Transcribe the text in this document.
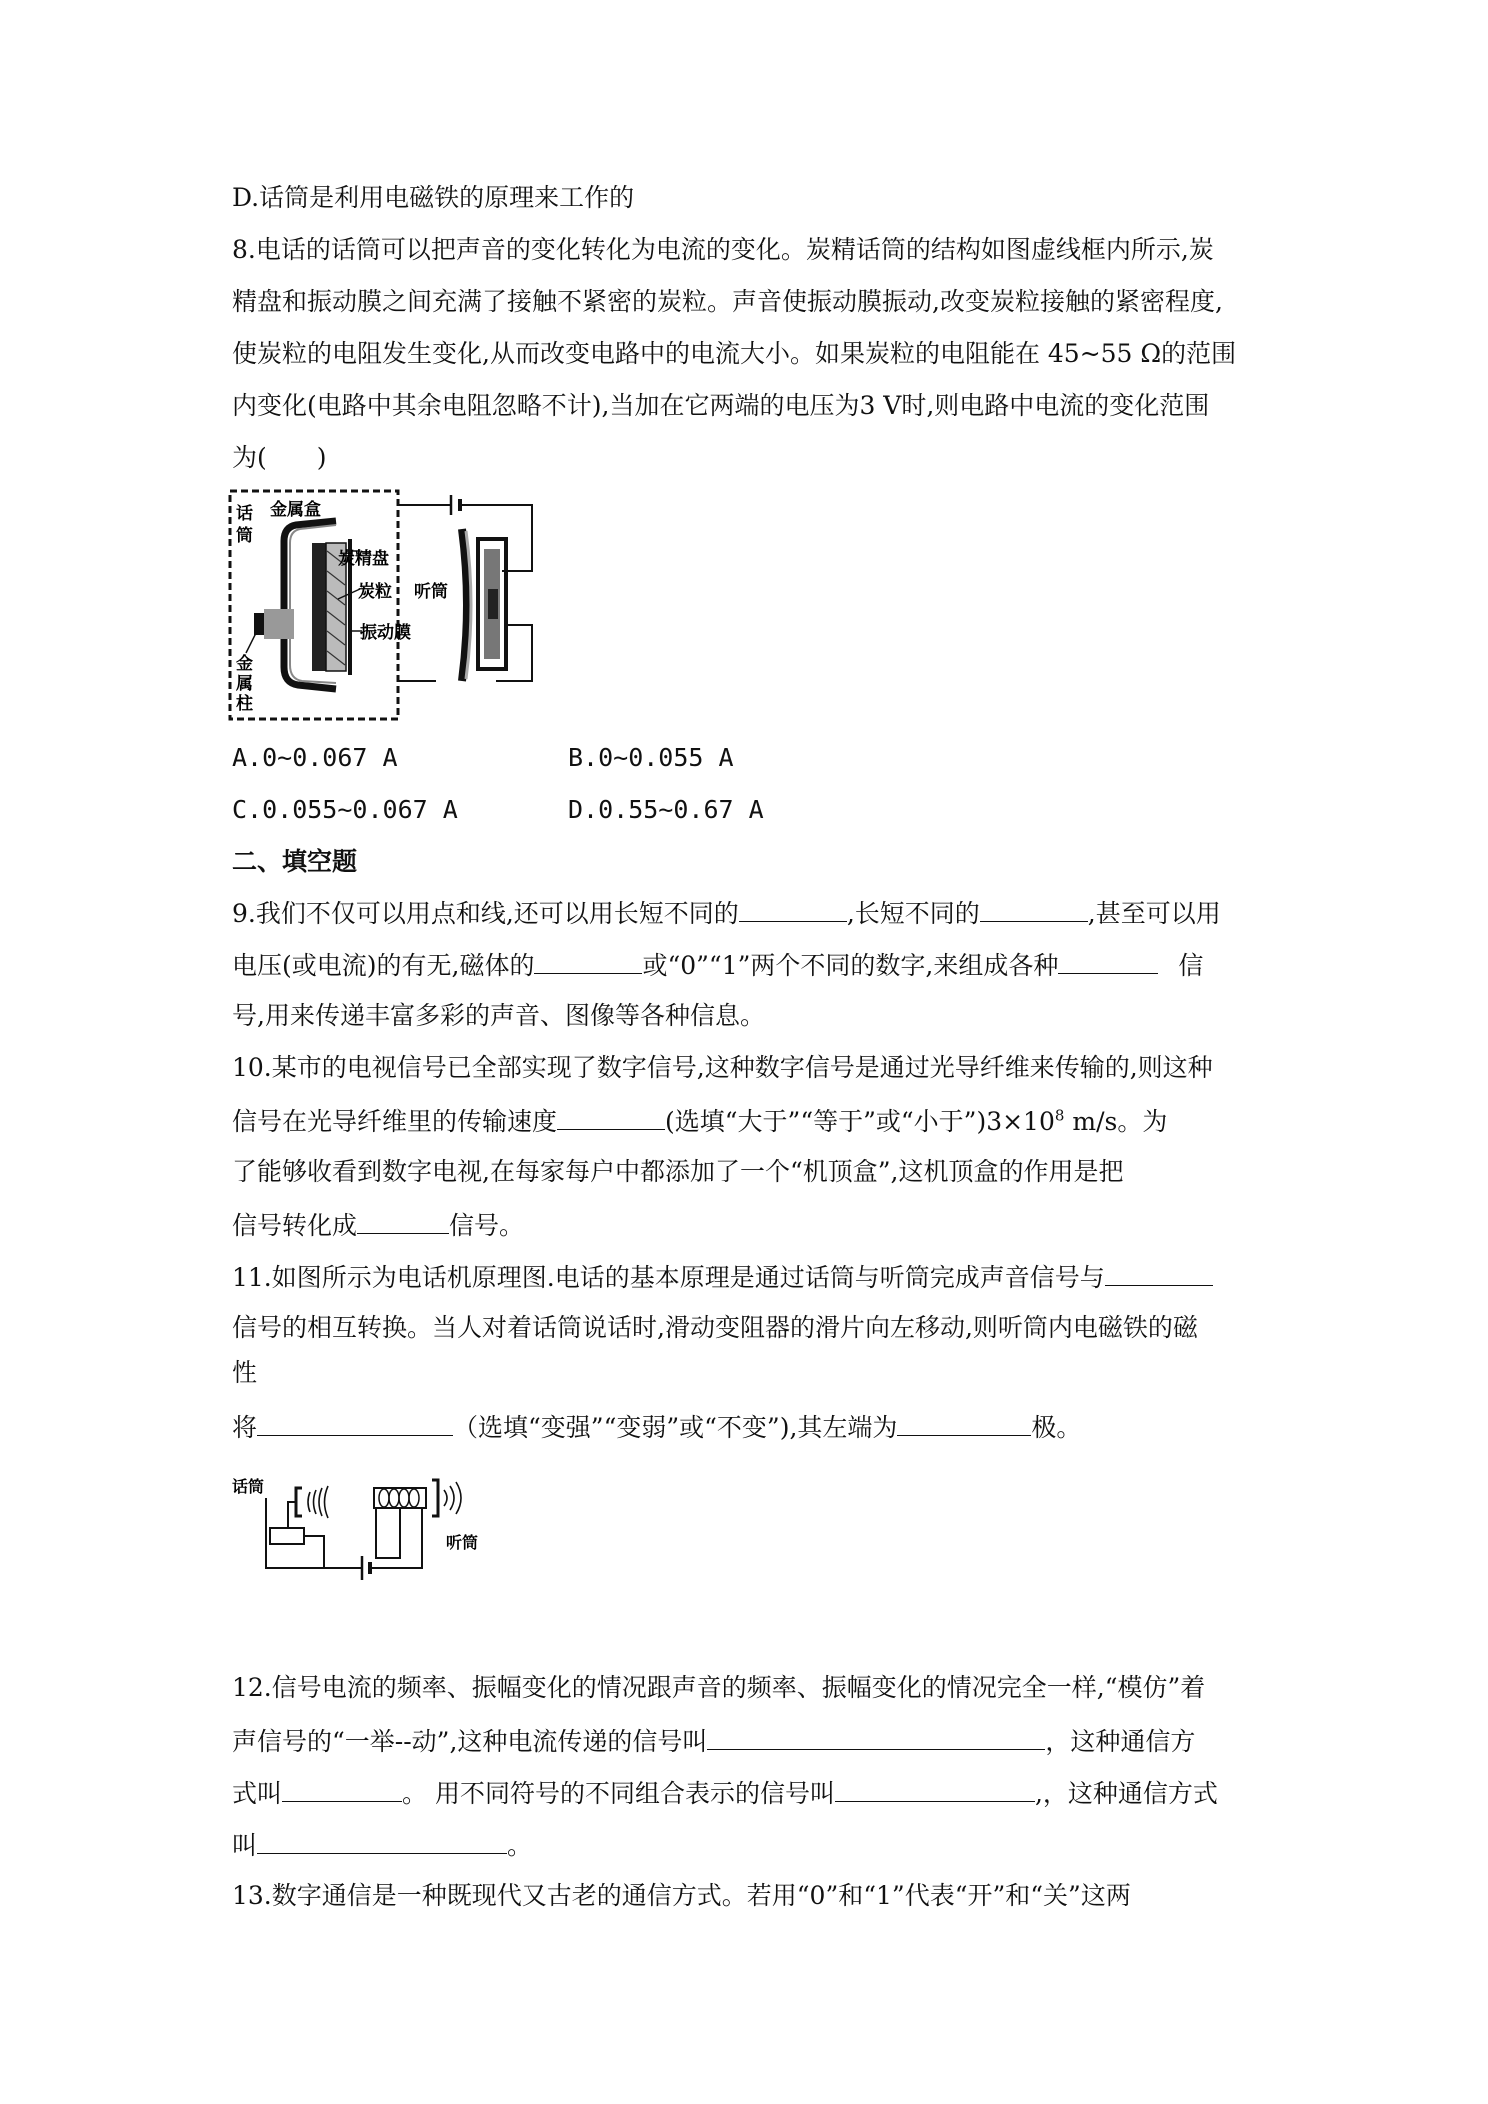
D.话筒是利用电磁铁的原理来工作的
8.电话的话筒可以把声音的变化转化为电流的变化。炭精话筒的结构如图虚线框内所示,炭
精盘和振动膜之间充满了接触不紧密的炭粒。声音使振动膜振动,改变炭粒接触的紧密程度,
使炭粒的电阻发生变化,从而改变电路中的电流大小。如果炭粒的电阻能在 45~55 Ω的范围
内变化(电路中其余电阻忽略不计),当加在它两端的电压为3 V时,则电路中电流的变化范围
为(　　)
话
筒
金属盒
炭精盘
炭粒
振动膜
金
属
柱
听筒
A.0~0.067 A	B.0~0.055 A
C.0.055~0.067 A	D.0.55~0.67 A
二、填空题
9.我们不仅可以用点和线,还可以用长短不同的	,长短不同的	,甚至可以用
电压(或电流)的有无,磁体的	或“0”“1”两个不同的数字,来组成各种	信
号,用来传递丰富多彩的声音、图像等各种信息。
10.某市的电视信号已全部实现了数字信号,这种数字信号是通过光导纤维来传输的,则这种
信号在光导纤维里的传输速度	(选填“大于”“等于”或“小于$”)3\times 10^8$ m/s。为
了能够收看到数字电视,在每家每户中都添加了一个“机顶盒”,这机顶盒的作用是把
信号转化成	信号。
11.如图所示为电话机原理图.电话的基本原理是通过话筒与听筒完成声音信号与
信号的相互转换。当人对着话筒说话时,滑动变阻器的滑片向左移动,则听筒内电磁铁的磁
性
将	（选填“变强”“变弱”或“不变”),其左端为	极。
话筒
听筒
12.信号电流的频率、振幅变化的情况跟声音的频率、振幅变化的情况完全一样,“模仿”着
声信号的“一举--动”,这种电流传递的信号叫	，这种通信方
式叫	。 用不同符号的不同组合表示的信号叫	,，这种通信方式
叫	。
13.数字通信是一种既现代又古老的通信方式。若用“0”和“1”代表“开”和“关”这两
